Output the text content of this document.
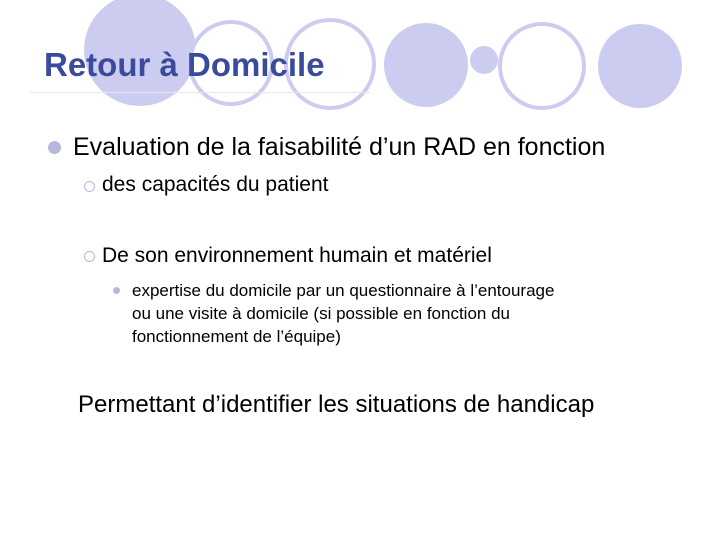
Retour à Domicile
Evaluation de la faisabilité d’un RAD en fonction
des capacités du patient
De son environnement humain et matériel
expertise du domicile par un questionnaire à l’entourage
ou une visite à domicile (si possible en fonction du
fonctionnement de l’équipe)
Permettant d’identifier les situations de handicap
